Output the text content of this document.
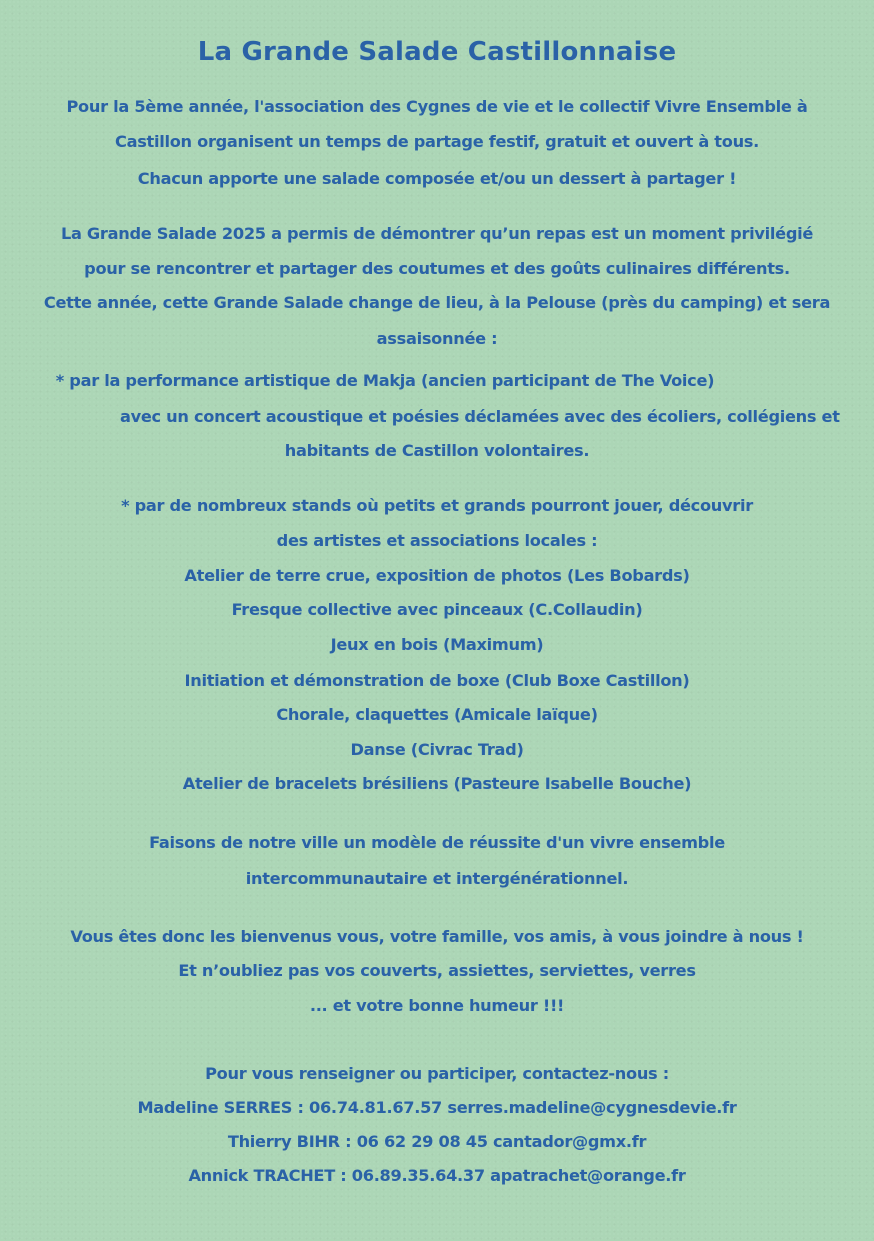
La Grande Salade Castillonnaise
Pour la 5ème année, l'association des Cygnes de vie et le collectif Vivre Ensemble à
Castillon organisent un temps de partage festif, gratuit et ouvert à tous.
Chacun apporte une salade composée et/ou un dessert à partager !
La Grande Salade 2025 a permis de démontrer qu’un repas est un moment privilégié
pour se rencontrer et partager des coutumes et des goûts culinaires différents.
Cette année, cette Grande Salade change de lieu, à la Pelouse (près du camping) et sera
assaisonnée :
* par la performance artistique de Makja (ancien participant de The Voice)
avec un concert acoustique et poésies déclamées avec des écoliers, collégiens et
habitants de Castillon volontaires.
* par de nombreux stands où petits et grands pourront jouer, découvrir
des artistes et associations locales :
Atelier de terre crue, exposition de photos (Les Bobards)
Fresque collective avec pinceaux (C.Collaudin)
Jeux en bois (Maximum)
Initiation et démonstration de boxe (Club Boxe Castillon)
Chorale, claquettes (Amicale laïque)
Danse (Civrac Trad)
Atelier de bracelets brésiliens (Pasteure Isabelle Bouche)
Faisons de notre ville un modèle de réussite d'un vivre ensemble
intercommunautaire et intergénérationnel.
Vous êtes donc les bienvenus vous, votre famille, vos amis, à vous joindre à nous !
Et n’oubliez pas vos couverts, assiettes, serviettes, verres
... et votre bonne humeur !!!
Pour vous renseigner ou participer, contactez-nous :
Madeline SERRES : 06.74.81.67.57 serres.madeline@cygnesdevie.fr
Thierry BIHR : 06 62 29 08 45 cantador@gmx.fr
Annick TRACHET : 06.89.35.64.37 apatrachet@orange.fr
